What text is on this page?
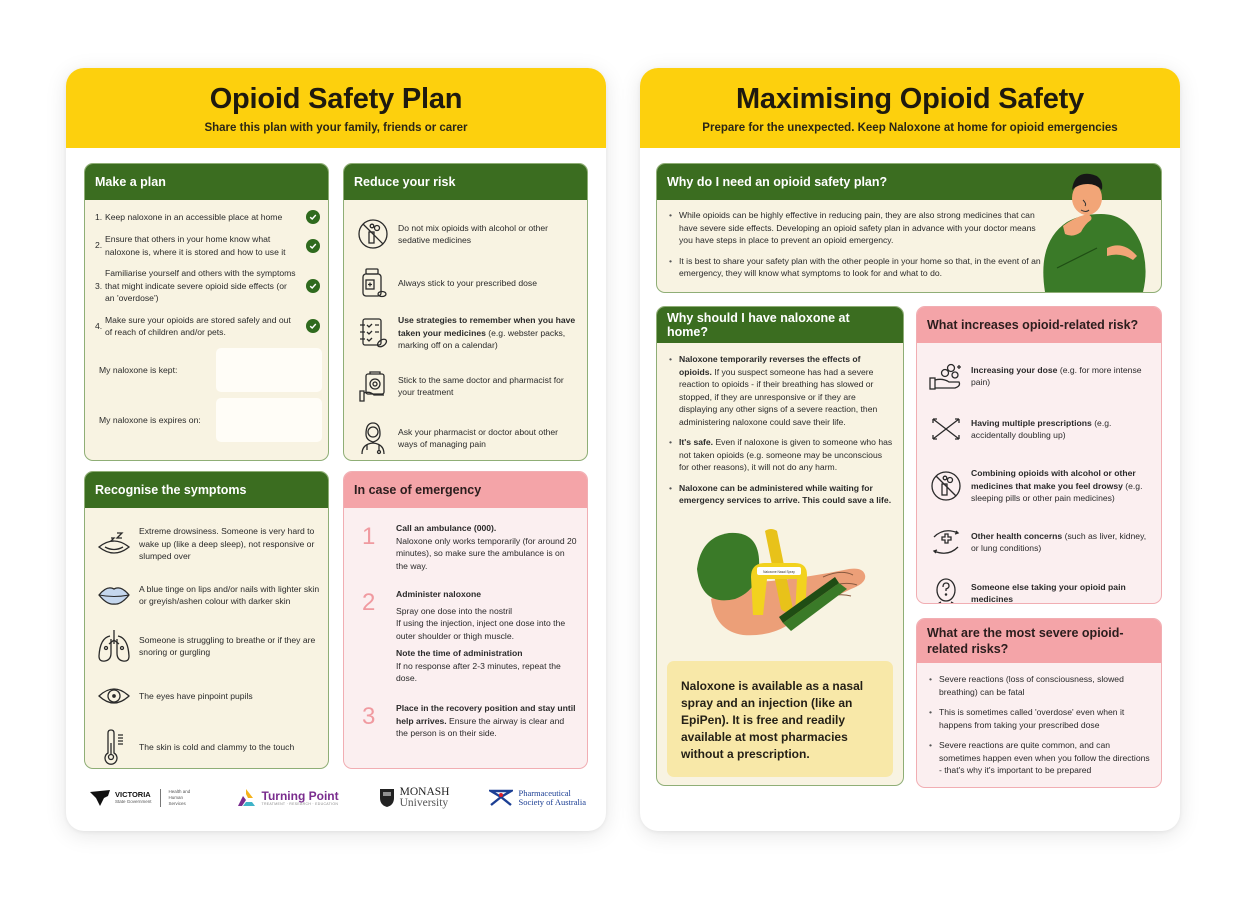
Opioid Safety Plan

Share this plan with your family, friends or carer

Make a plan
1. Keep naloxone in an accessible place at home
2.
Ensure that others in your home know what naloxone is, where it is stored and how to use it
3.
Familiarise yourself and others with the symptoms that might indicate severe opioid side effects (or an 'overdose')
4.
Make sure your opioids are stored safely and out of reach of children and/or pets.
My naloxone is kept:
My naloxone is expires on:
Reduce your risk
Do not mix opioids with alcohol or other sedative medicines
Always stick to your prescribed dose
Use strategies to remember when you have taken your medicines (e.g. webster packs, marking off on a calendar)
Stick to the same doctor and pharmacist for your treatment
Ask your pharmacist or doctor about other ways of managing pain
Recognise the symptoms
Extreme drowsiness. Someone is very hard to wake up (like a deep sleep), not responsive or slumped over
A blue tinge on lips and/or nails with lighter skin or greyish/ashen colour with darker skin
Someone is struggling to breathe or if they are snoring or gurgling
The eyes have pinpoint pupils
The skin is cold and clammy to the touch
In case of emergency
1	Call an ambulance (000).
Naloxone only works temporarily (for around 20 minutes), so make sure the ambulance is on the way.
2	Administer naloxone
Spray one dose into the nostril
If using the injection, inject one dose into the outer shoulder or thigh muscle.
Note the time of administration
If no response after 2-3 minutes, repeat the dose.
3	Place in the recovery position and stay until help arrives. Ensure the airway is clear and the person is on their side.
VICTORIA
State Government
Health and Human Services
Turning Point
TREATMENT · RESEARCH · EDUCATION
MONASH
University
Pharmaceutical
Society of Australia
Maximising Opioid Safety

Prepare for the unexpected. Keep Naloxone at home for opioid emergencies

Why do I need an opioid safety plan?
• While opioids can be highly effective in reducing pain, they are also strong medicines that can have severe side effects. Developing an opioid safety plan in advance with your doctor means you have steps in place to prevent an opioid emergency.
• It is best to share your safety plan with the other people in your home so that, in the event of an emergency, they will know what symptoms to look for and what to do.
Why should I have naloxone at home?
• Naloxone temporarily reverses the effects of opioids. If you suspect someone has had a severe reaction to opioids - if their breathing has slowed or stopped, if they are unresponsive or if they are displaying any other signs of a severe reaction, then administering naloxone could save their life.
• It's safe. Even if naloxone is given to someone who has not taken opioids (e.g. someone may be unconscious for other reasons), it will not do any harm.
• Naloxone can be administered while waiting for emergency services to arrive. This could save a life.
Naloxone Nasal Spray
Naloxone is available as a nasal spray and an injection (like an EpiPen). It is free and readily available at most pharmacies without a prescription.
What increases opioid-related risk?
Increasing your dose (e.g. for more intense pain)
Having multiple prescriptions (e.g. accidentally doubling up)
Combining opioids with alcohol or other medicines that make you feel drowsy (e.g. sleeping pills or other pain medicines)
Other health concerns (such as liver, kidney, or lung conditions)
Someone else taking your opioid pain medicines
What are the most severe opioid-related risks?
• Severe reactions (loss of consciousness, slowed breathing) can be fatal
• This is sometimes called 'overdose' even when it happens from taking your prescribed dose
• Severe reactions are quite common, and can sometimes happen even when you follow the directions - that's why it's important to be prepared
